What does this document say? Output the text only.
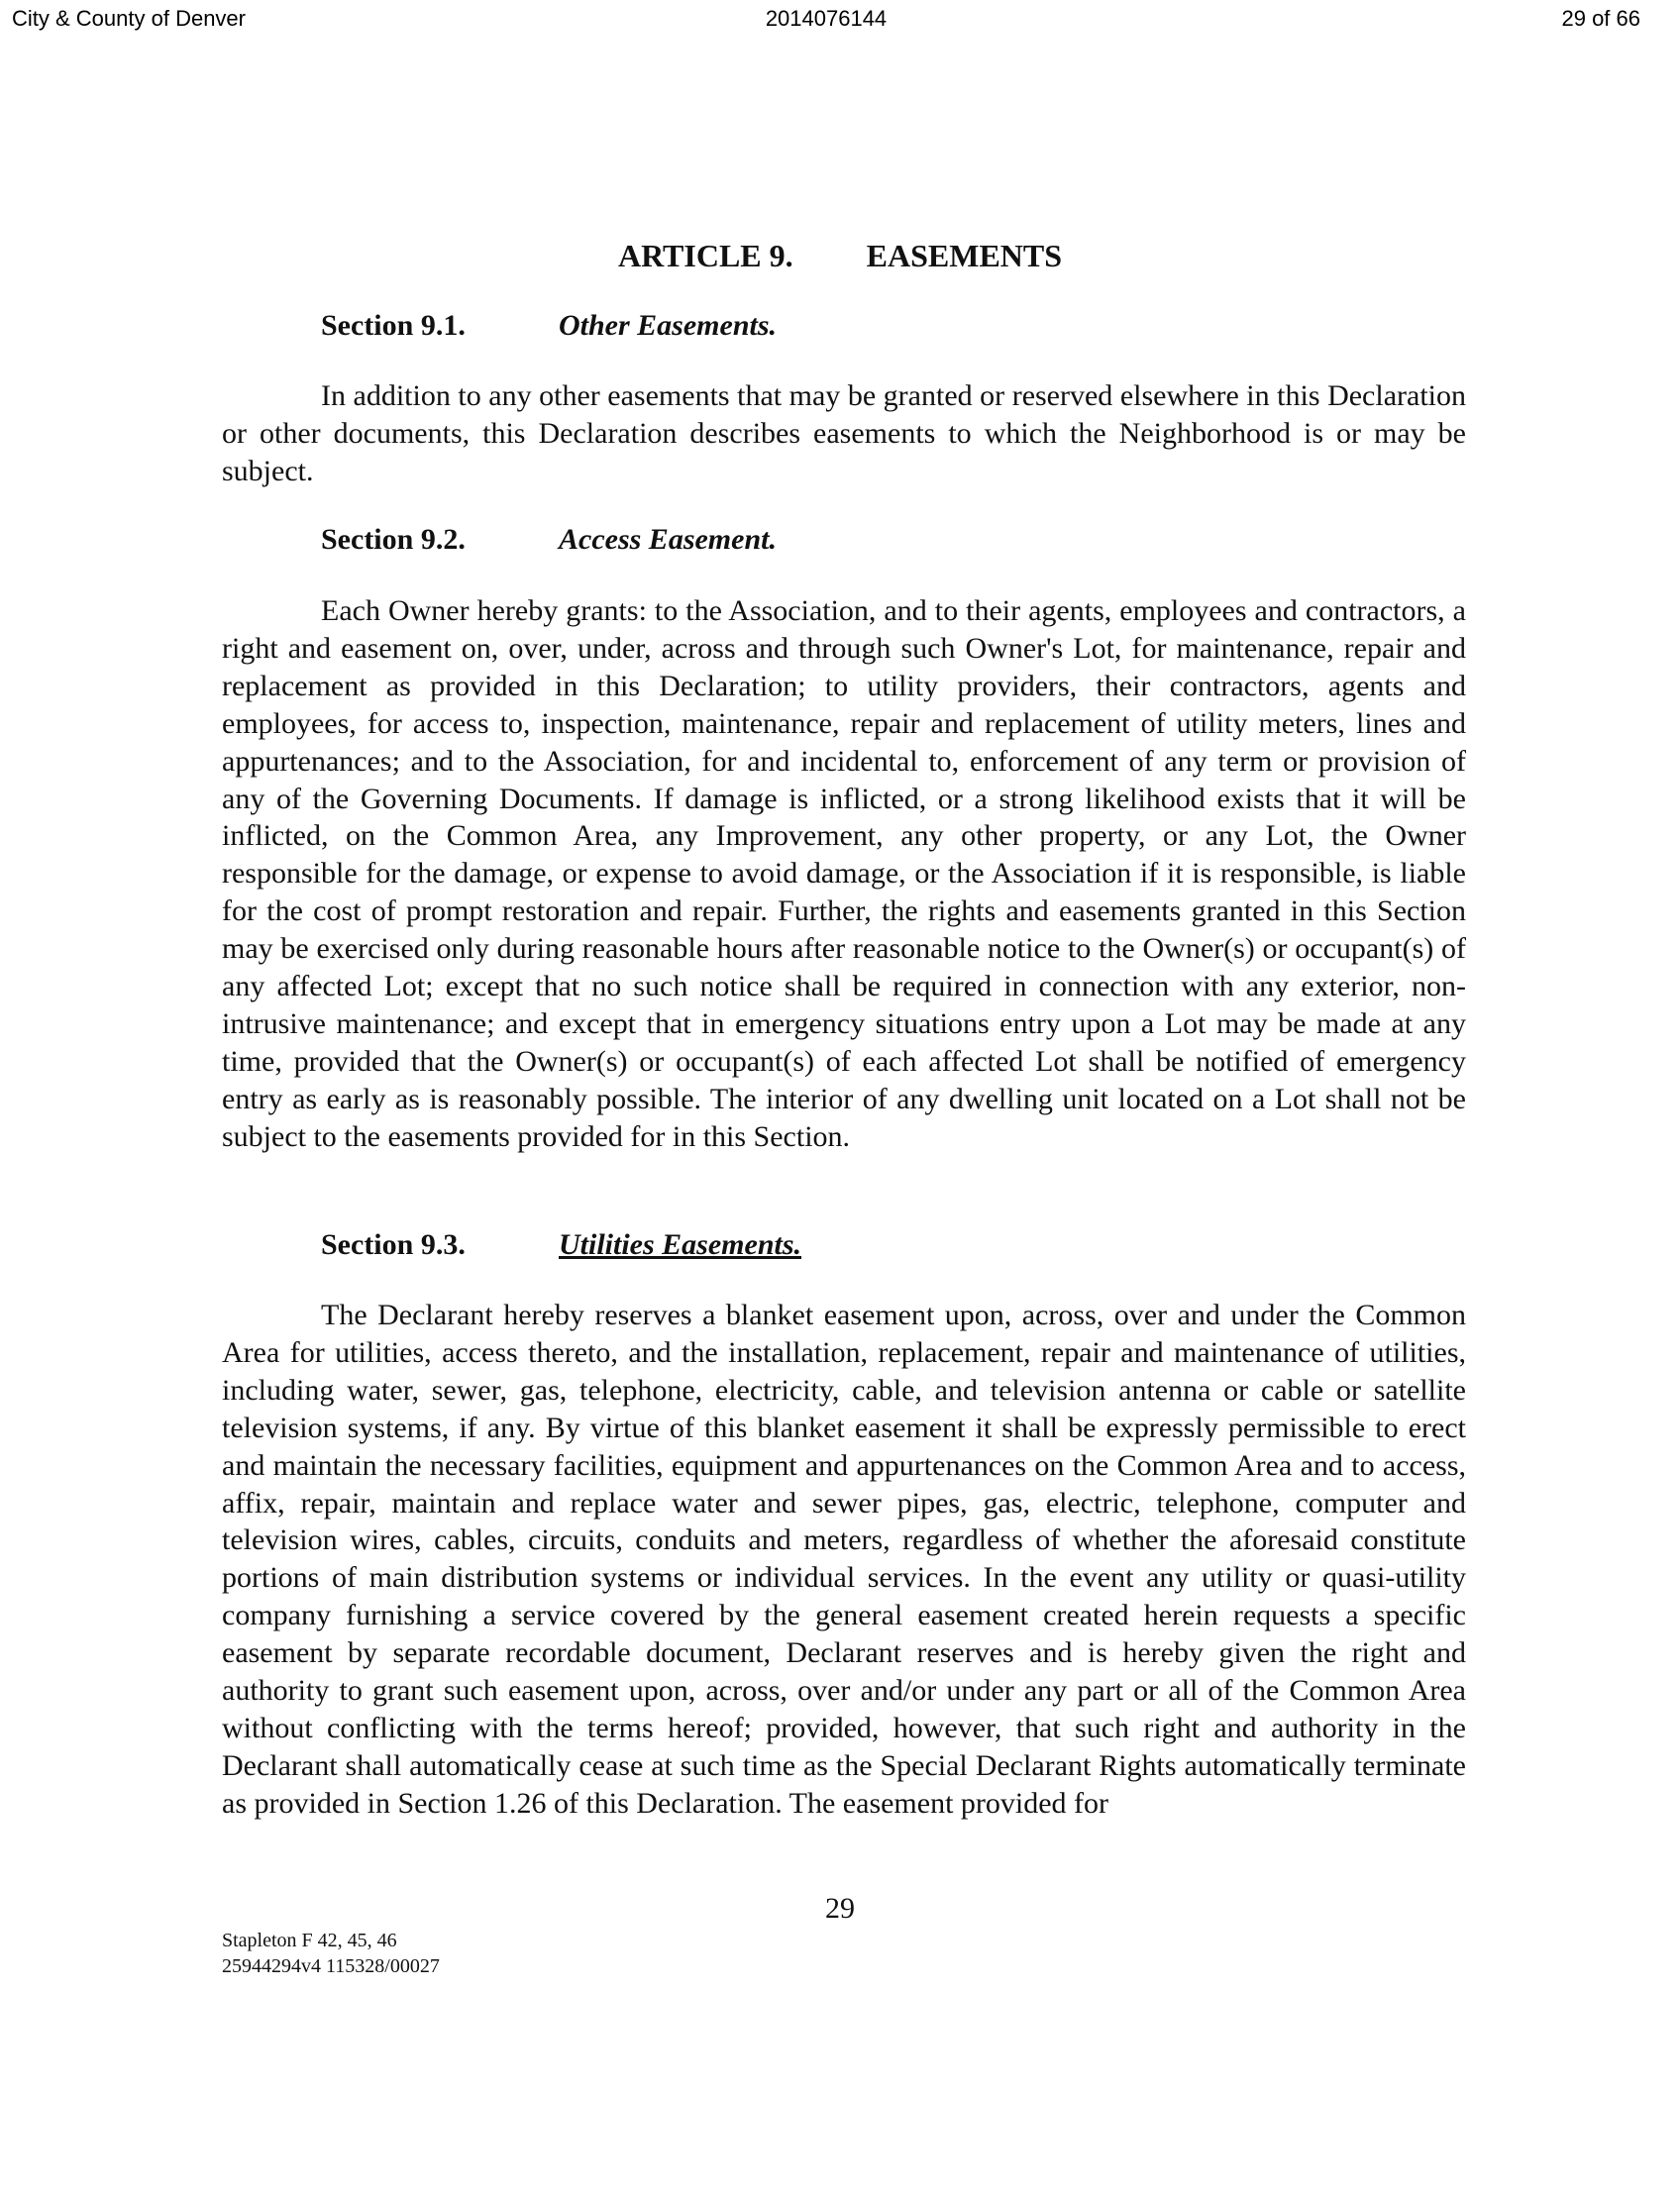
City & County of Denver	2014076144	29 of 66
ARTICLE 9. EASEMENTS
Section 9.1.	Other Easements.

In addition to any other easements that may be granted or reserved elsewhere in this Declaration or other documents, this Declaration describes easements to which the Neighborhood is or may be subject.

Section 9.2.	Access Easement.

Each Owner hereby grants: to the Association, and to their agents, employees and contractors, a right and easement on, over, under, across and through such Owner's Lot, for maintenance, repair and replacement as provided in this Declaration; to utility providers, their contractors, agents and employees, for access to, inspection, maintenance, repair and replacement of utility meters, lines and appurtenances; and to the Association, for and incidental to, enforcement of any term or provision of any of the Governing Documents. If damage is inflicted, or a strong likelihood exists that it will be inflicted, on the Common Area, any Improvement, any other property, or any Lot, the Owner responsible for the damage, or expense to avoid damage, or the Association if it is responsible, is liable for the cost of prompt restoration and repair. Further, the rights and easements granted in this Section may be exercised only during reasonable hours after reasonable notice to the Owner(s) or occupant(s) of any affected Lot; except that no such notice shall be required in connection with any exterior, non-intrusive maintenance; and except that in emergency situations entry upon a Lot may be made at any time, provided that the Owner(s) or occupant(s) of each affected Lot shall be notified of emergency entry as early as is reasonably possible. The interior of any dwelling unit located on a Lot shall not be subject to the easements provided for in this Section.

Section 9.3.	Utilities Easements.

The Declarant hereby reserves a blanket easement upon, across, over and under the Common Area for utilities, access thereto, and the installation, replacement, repair and maintenance of utilities, including water, sewer, gas, telephone, electricity, cable, and television antenna or cable or satellite television systems, if any. By virtue of this blanket easement it shall be expressly permissible to erect and maintain the necessary facilities, equipment and appurtenances on the Common Area and to access, affix, repair, maintain and replace water and sewer pipes, gas, electric, telephone, computer and television wires, cables, circuits, conduits and meters, regardless of whether the aforesaid constitute portions of main distribution systems or individual services. In the event any utility or quasi-utility company furnishing a service covered by the general easement created herein requests a specific easement by separate recordable document, Declarant reserves and is hereby given the right and authority to grant such easement upon, across, over and/or under any part or all of the Common Area without conflicting with the terms hereof; provided, however, that such right and authority in the Declarant shall automatically cease at such time as the Special Declarant Rights automatically terminate as provided in Section 1.26 of this Declaration. The easement provided for

29
Stapleton F 42, 45, 46
25944294v4 115328/00027
